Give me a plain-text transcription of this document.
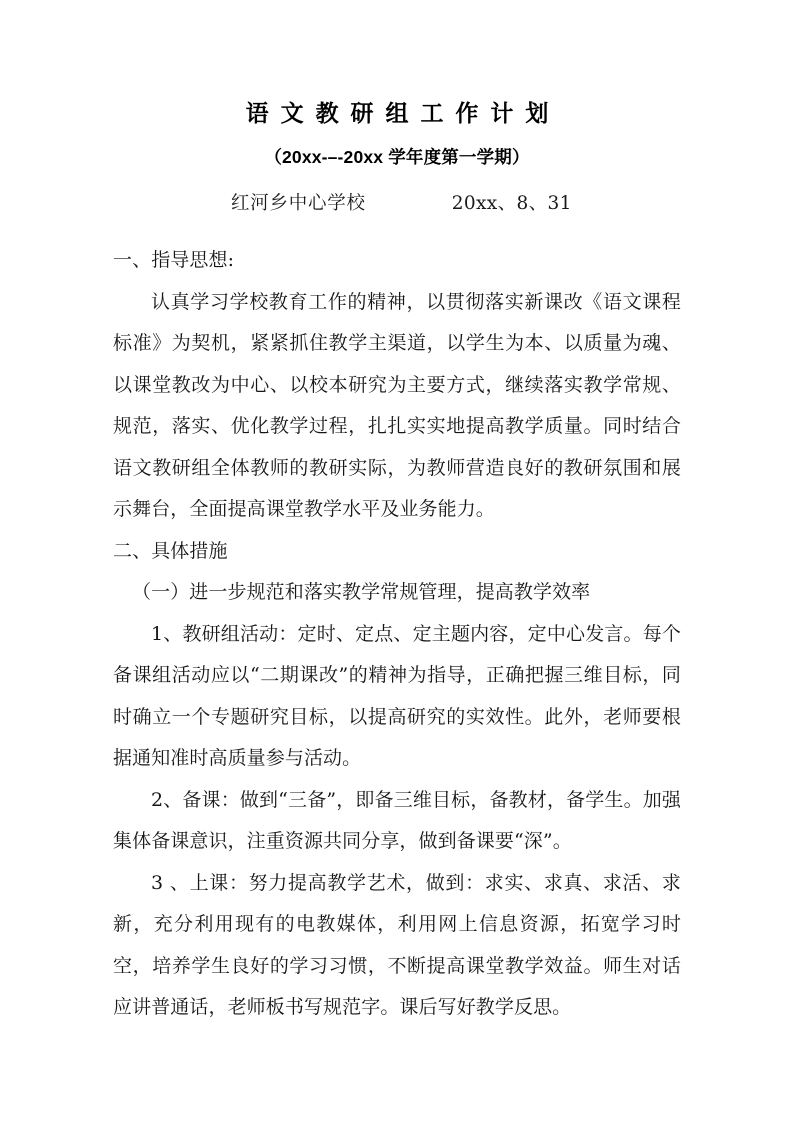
语文教研组工作计划
（20xx-–-20xx 学年度第一学期）
红河乡中心学校	20xx、8、31

一、指导思想:

认真学习学校教育工作的精神，以贯彻落实新课改《语文课程标准》为契机，紧紧抓住教学主渠道，以学生为本、以质量为魂、以课堂教改为中心、以校本研究为主要方式，继续落实教学常规、规范，落实、优化教学过程，扎扎实实地提高教学质量。同时结合语文教研组全体教师的教研实际，为教师营造良好的教研氛围和展示舞台，全面提高课堂教学水平及业务能力。

二、具体措施

（一）进一步规范和落实教学常规管理，提高教学效率

1、教研组活动：定时、定点、定主题内容，定中心发言。每个备课组活动应以“二期课改”的精神为指导，正确把握三维目标，同时确立一个专题研究目标，以提高研究的实效性。此外，老师要根据通知准时高质量参与活动。

2、备课：做到“三备”，即备三维目标，备教材，备学生。加强集体备课意识，注重资源共同分享，做到备课要“深”。

3 、上课：努力提高教学艺术，做到：求实、求真、求活、求新，充分利用现有的电教媒体，利用网上信息资源，拓宽学习时空，培养学生良好的学习习惯，不断提高课堂教学效益。师生对话应讲普通话，老师板书写规范字。课后写好教学反思。
